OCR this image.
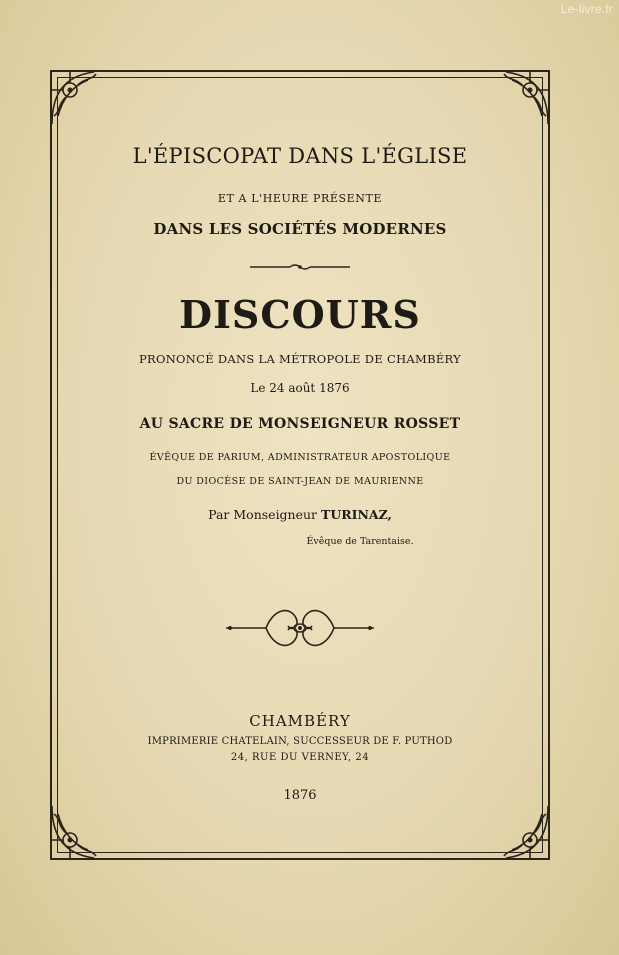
Le-livre.fr
L'ÉPISCOPAT DANS L'ÉGLISE
ET A L'HEURE PRÉSENTE
DANS LES SOCIÉTÉS MODERNES
DISCOURS
PRONONCÉ DANS LA MÉTROPOLE DE CHAMBÉRY
Le 24 août 1876
AU SACRE DE MONSEIGNEUR ROSSET
ÉVÊQUE DE PARIUM, ADMINISTRATEUR APOSTOLIQUE
DU DIOCÈSE DE SAINT-JEAN DE MAURIENNE
Par Monseigneur TURINAZ,
Évêque de Tarentaise.
CHAMBÉRY
IMPRIMERIE CHATELAIN, SUCCESSEUR DE F. PUTHOD
24, RUE DU VERNEY, 24
1876
